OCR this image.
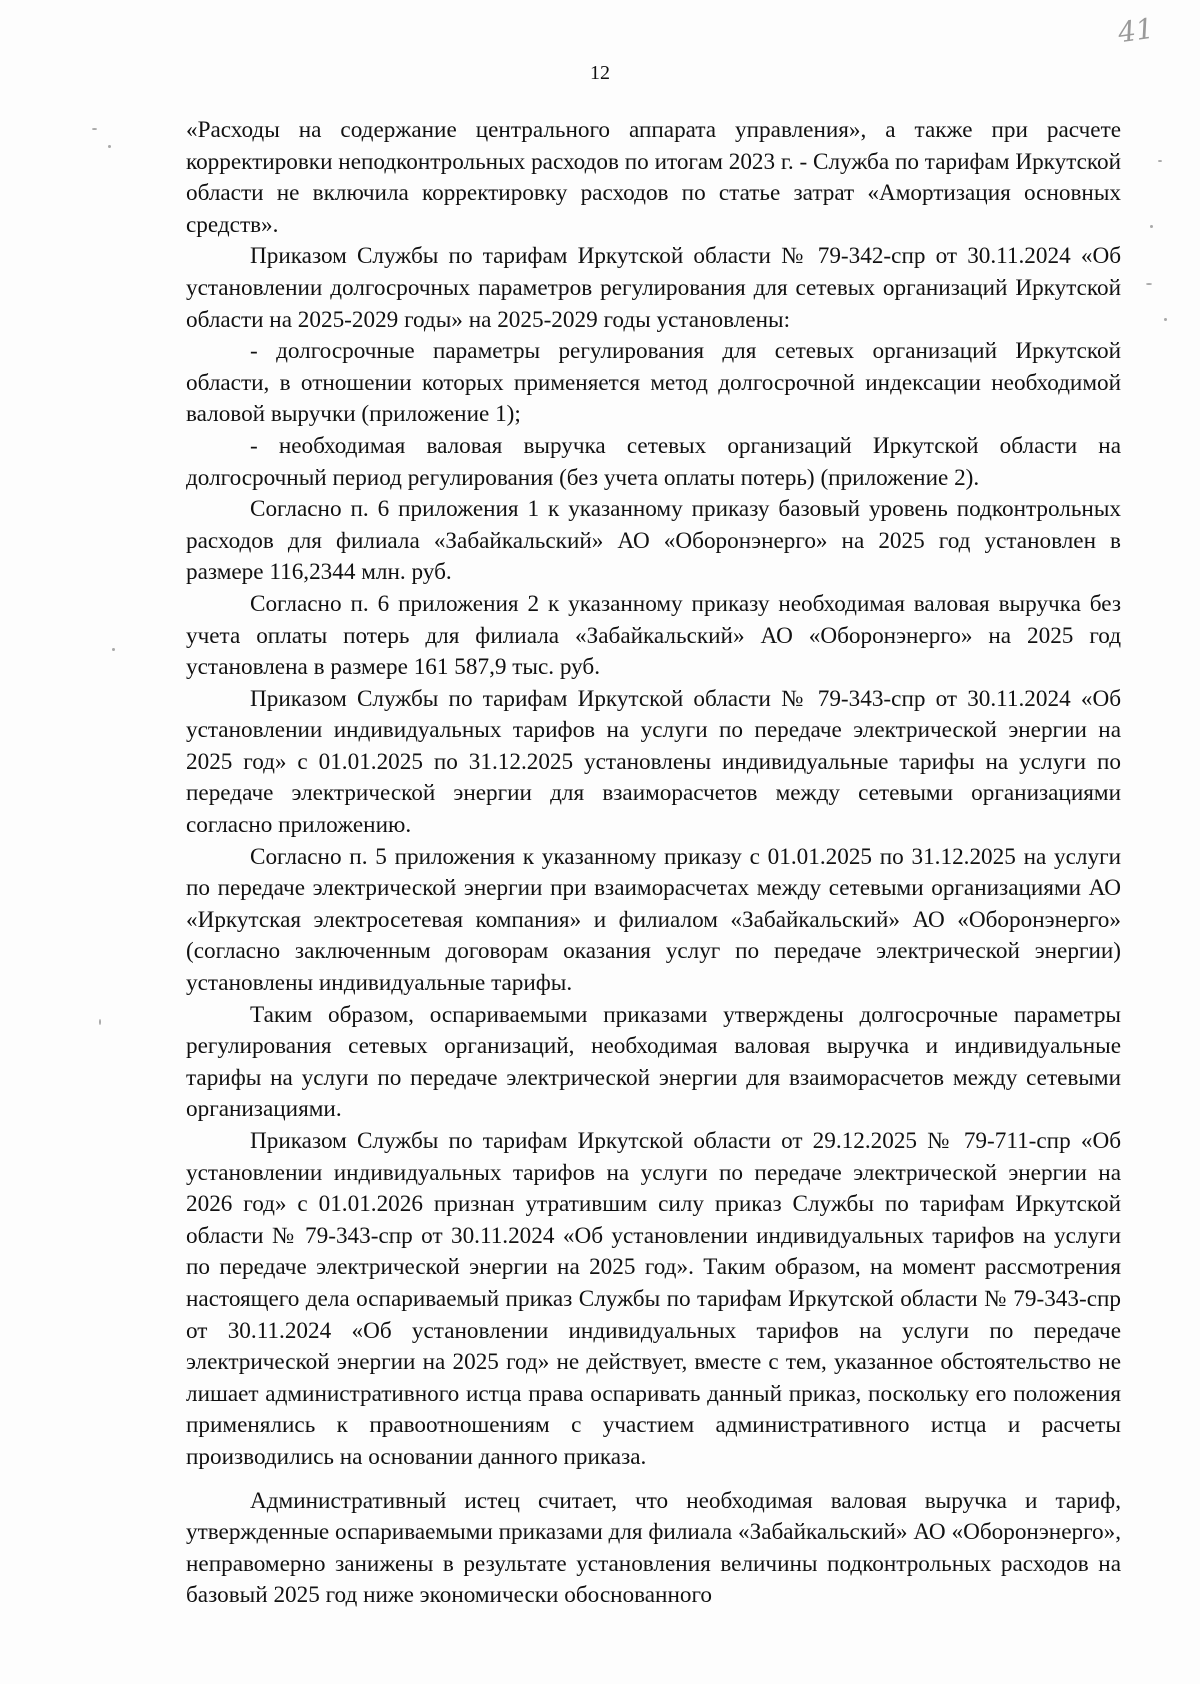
12
41

«Расходы на содержание центрального аппарата управления», а также при расчете корректировки неподконтрольных расходов по итогам 2023 г. - Служба по тарифам Иркутской области не включила корректировку расходов по статье затрат «Амортизация основных средств».

Приказом Службы по тарифам Иркутской области № 79-342-спр от 30.11.2024 «Об установлении долгосрочных параметров регулирования для сетевых организаций Иркутской области на 2025-2029 годы» на 2025-2029 годы установлены:

- долгосрочные параметры регулирования для сетевых организаций Иркутской области, в отношении которых применяется метод долгосрочной индексации необходимой валовой выручки (приложение 1);

- необходимая валовая выручка сетевых организаций Иркутской области на долгосрочный период регулирования (без учета оплаты потерь) (приложение 2).

Согласно п. 6 приложения 1 к указанному приказу базовый уровень подконтрольных расходов для филиала «Забайкальский» АО «Оборонэнерго» на 2025 год установлен в размере 116,2344 млн. руб.

Согласно п. 6 приложения 2 к указанному приказу необходимая валовая выручка без учета оплаты потерь для филиала «Забайкальский» АО «Оборонэнерго» на 2025 год установлена в размере 161 587,9 тыс. руб.

Приказом Службы по тарифам Иркутской области № 79-343-спр от 30.11.2024 «Об установлении индивидуальных тарифов на услуги по передаче электрической энергии на 2025 год» с 01.01.2025 по 31.12.2025 установлены индивидуальные тарифы на услуги по передаче электрической энергии для взаиморасчетов между сетевыми организациями согласно приложению.

Согласно п. 5 приложения к указанному приказу с 01.01.2025 по 31.12.2025 на услуги по передаче электрической энергии при взаиморасчетах между сетевыми организациями АО «Иркутская электросетевая компания» и филиалом «Забайкальский» АО «Оборонэнерго» (согласно заключенным договорам оказания услуг по передаче электрической энергии) установлены индивидуальные тарифы.

Таким образом, оспариваемыми приказами утверждены долгосрочные параметры регулирования сетевых организаций, необходимая валовая выручка и индивидуальные тарифы на услуги по передаче электрической энергии для взаиморасчетов между сетевыми организациями.

Приказом Службы по тарифам Иркутской области от 29.12.2025 № 79-711-спр «Об установлении индивидуальных тарифов на услуги по передаче электрической энергии на 2026 год» с 01.01.2026 признан утратившим силу приказ Службы по тарифам Иркутской области № 79-343-спр от 30.11.2024 «Об установлении индивидуальных тарифов на услуги по передаче электрической энергии на 2025 год». Таким образом, на момент рассмотрения настоящего дела оспариваемый приказ Службы по тарифам Иркутской области № 79-343-спр от 30.11.2024 «Об установлении индивидуальных тарифов на услуги по передаче электрической энергии на 2025 год» не действует, вместе с тем, указанное обстоятельство не лишает административного истца права оспаривать данный приказ, поскольку его положения применялись к правоотношениям с участием административного истца и расчеты производились на основании данного приказа.

Административный истец считает, что необходимая валовая выручка и тариф, утвержденные оспариваемыми приказами для филиала «Забайкальский» АО «Оборонэнерго», неправомерно занижены в результате установления величины подконтрольных расходов на базовый 2025 год ниже экономически обоснованного
